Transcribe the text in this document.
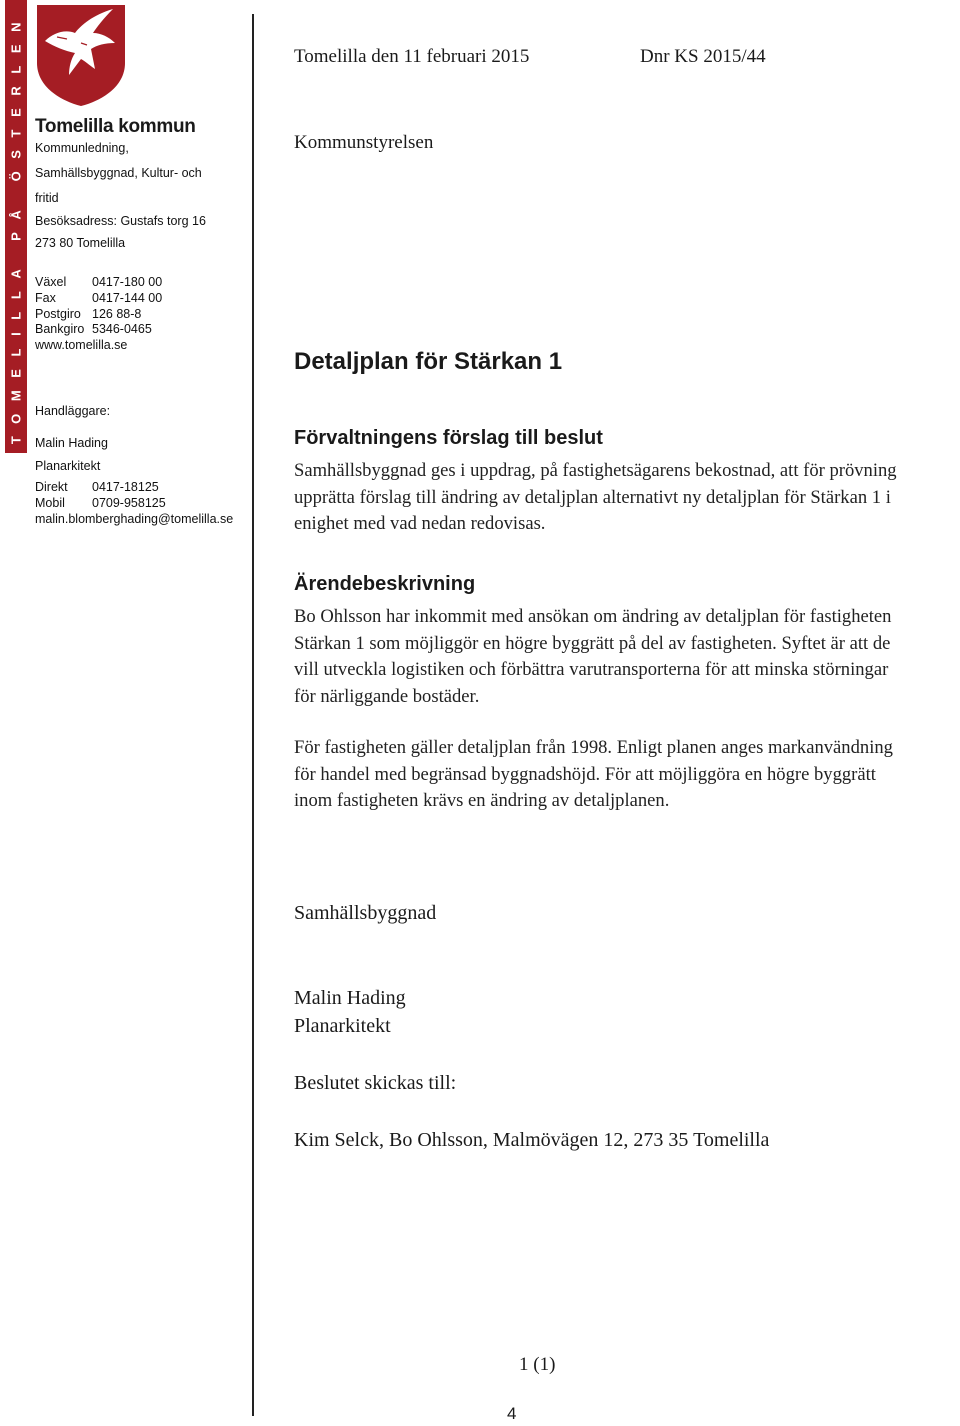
TOMELILLA PÅ ÖSTERLEN Tomelilla kommun
Kommunledning,
Samhällsbyggnad, Kultur- och
fritid
Besöksadress: Gustafs torg 16
273 80 Tomelilla
Växel	0417-180 00
Fax	0417-144 00
Postgiro 126 88-8
Bankgiro 5346-0465
www.tomelilla.se
Handläggare:
Malin Hading
Planarkitekt
Direkt	0417-18125
Mobil	0709-958125
malin.blomberghading@tomelilla.se
Tomelilla den 11 februari 2015	Dnr KS 2015/44
Kommunstyrelsen
Detaljplan för Stärkan 1
Förvaltningens förslag till beslut
Samhällsbyggnad ges i uppdrag, på fastighetsägarens bekostnad, att för prövning
upprätta förslag till ändring av detaljplan alternativt ny detaljplan för Stärkan 1 i
enighet med vad nedan redovisas.
Ärendebeskrivning
Bo Ohlsson har inkommit med ansökan om ändring av detaljplan för fastigheten
Stärkan 1 som möjliggör en högre byggrätt på del av fastigheten. Syftet är att de
vill utveckla logistiken och förbättra varutransporterna för att minska störningar
för närliggande bostäder.
För fastigheten gäller detaljplan från 1998. Enligt planen anges markanvändning
för handel med begränsad byggnadshöjd. För att möjliggöra en högre byggrätt
inom fastigheten krävs en ändring av detaljplanen.
Samhällsbyggnad
Malin Hading
Planarkitekt
Beslutet skickas till:
Kim Selck, Bo Ohlsson, Malmövägen 12, 273 35 Tomelilla
1 (1)
4
